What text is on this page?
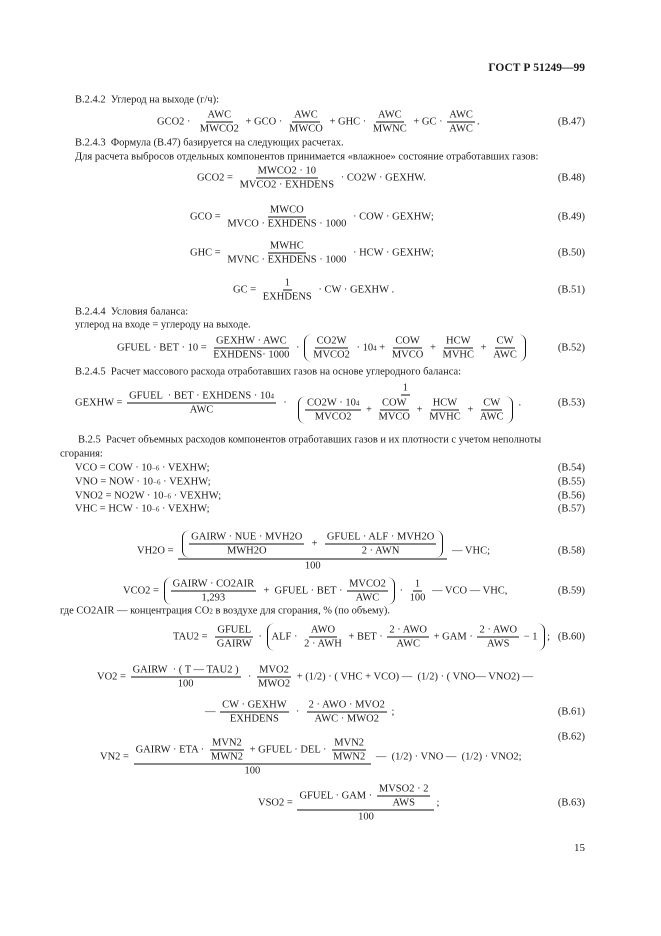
ГОСТ Р 51249—99
B.2.4.2  Углерод на выходе (г/ч):
$GCO2 \cdot \frac{\text{AWC}}{\text{MWCO2}}$ + GCO · $\frac{\text{AWC}}{\text{MWCO}}$ + GHC · $\frac{\text{AWC}}{\text{MWNC}}$ + GC · $\frac{\text{AWC}}{\text{AWC}}$ .	(B.47)
B.2.4.3  Формула (B.47) базируется на следующих расчетах.
Для расчета выбросов отдельных компонентов принимается «влажное» состояние отработавших газов:
$GCO2 = \frac{\text{MWCO2 · 10}}{\text{MVCO2 · EXHDENS}} \cdot CO2W$ · GEXHW.	(B.48)
GCO = $\frac{\text{MWCO}}{\text{MVCO · EXHDENS · 1000}}$ · COW · GEXHW;	(B.49)
GHC = $\frac{\text{MWHC}}{\text{MVNC · EXHDENS · 1000}}$ · HCW · GEXHW;	(B.50)
GC = $\frac{1}{\text{EXHDENS}}$ · CW · GEXHW .	(B.51)
B.2.4.4  Условия баланса:
углерод на входе = углероду на выходе.
GFUEL · BET · $10 = \frac{\text{GEXHW · AWC}}{\text{EXHDENS· 1000}} \cdot \frac{CO2W}{\text{MVCO2}} \cdot 10$ $4 + \frac{\text{COW}}{\text{MVCO}} + \frac{\text{HCW}}{\text{MVHC}} + \frac{CW}{\text{AWC}}$	(B.52)
B.2.4.5  Расчет массового расхода отработавших газов на основе углеродного баланса:
GEXHW = $\frac{\text{GFUEL  · BET · EXHDENS · 10 4}}{\text{AWC}} \cdot \frac{1}{\frac{CO2W \cdot 10 4}{\text{MVCO2}} + \frac{\text{COW}}{\text{MVCO}} + \frac{\text{HCW}}{\text{MVHC}} + \frac{CW}{\text{AWC}}}$ .	(B.53)
B.2.5  Расчет объемных расходов компонентов отработавших газов и их плотности с учетом неполноты
сгорания:
VCO = COW · 10 −6 · VEXHW;	(B.54)
VNO = NOW · 10 −6 · VEXHW;	(B.55)
VNO2 = NO2W · 10 −6 · VEXHW;	(B.56)
VHC = HCW · 10 −6 · VEXHW;	(B.57)
$VH2O = \frac{\frac{\text{GAIRW · NUE · MVH2O}}{\text{MWH2O}} + \frac{\text{GFUEL · ALF · MVH2O}}{\text{2 · AWN}}}{100}$ — VHC;	(B.58)
$VCO2 = \frac{\text{GAIRW · CO2AIR}}{1,293}$ +  GFUEL · BET · $\frac{\text{MVCO2}}{\text{AWC}} \cdot \frac{1}{100}$ — VCO — VHC,	(B.59)
где CO2AIR — концентрация CO 2 в воздухе для сгорания, % (по объему).
$TAU2 = \frac{\text{GFUEL}}{\text{GAIRW}}$ · ALF · $\frac{\text{AWO}}{\text{2 · AWH}}$ + BET · $\frac{\text{2 · AWO}}{\text{AWC}}$ + GAM · $\frac{\text{2 · AWO}}{\text{AWS}} - 1$ ; (B.60)
$VO2 = \frac{\text{GAIRW  · ( T — TAU2 )}}{100} \cdot \frac{\text{MVO2}}{\text{MWO2}} + (1/2)$ · ( VHC + VCO) —  (1/2) · ( VNO— VNO2) —
— $\frac{\text{CW · GEXHW}}{\text{EXHDENS}} \cdot \frac{\text{2 · AWO · MVO2}}{\text{AWC · MWO2}}$ ;	(B.61)
$VN2 = \frac{GAIRW \cdot ETA \cdot \frac{\text{MVN2}}{\text{MWN2}} + GFUEL \cdot DEL \cdot \frac{\text{MVN2}}{\text{MWN2}}}{100}$ —  (1/2) · VNO —  (1/2) · VNO2;
(B.62)
$VSO2 = \frac{GFUEL \cdot GAM \cdot \frac{\text{MVSO2 · 2}}{\text{AWS}}}{100}$ ;	(B.63)
15
